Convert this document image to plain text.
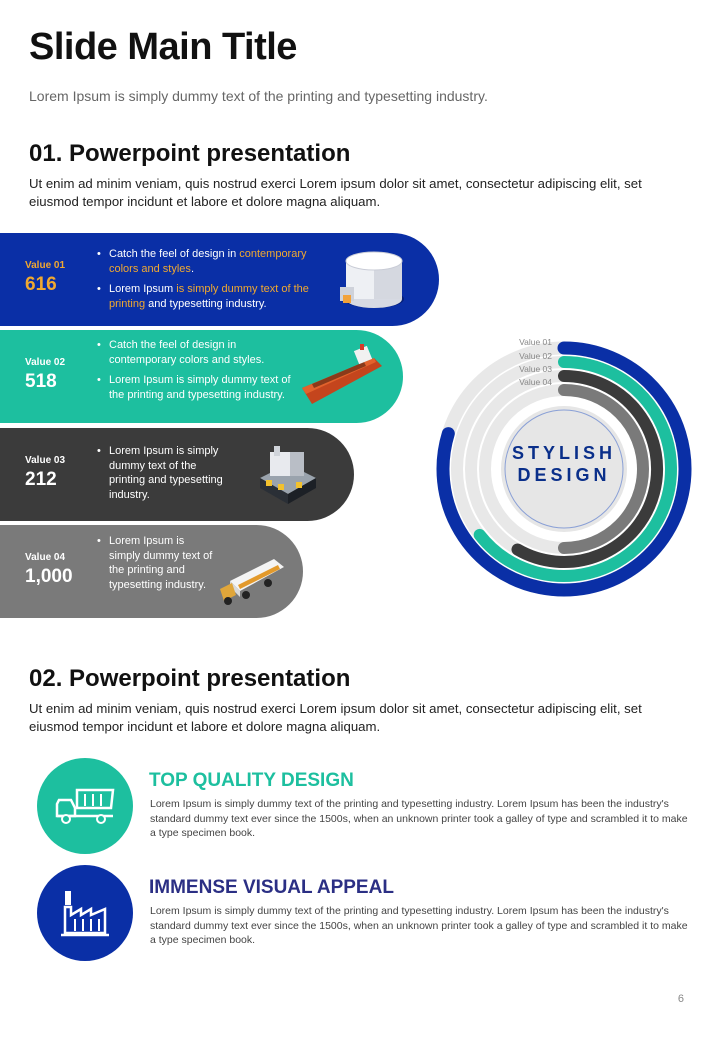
Slide Main Title
Lorem Ipsum is simply dummy text of the printing and typesetting industry.
01. Powerpoint presentation
Ut enim ad minim veniam, quis nostrud exerci Lorem ipsum dolor sit amet, consectetur adipiscing elit, set eiusmod tempor incidunt et labore et dolore magna aliquam.
Value 01
616
• Catch the feel of design in contemporary colors and styles.
• Lorem Ipsum is simply dummy text of the printing and typesetting industry.
Value 02
518
• Catch the feel of design in contemporary colors and styles.
• Lorem Ipsum is simply dummy text of the printing and typesetting industry.
Value 03
212
• Lorem Ipsum is simply dummy text of the printing and typesetting industry.
Value 04
1,000
• Lorem Ipsum is simply dummy text of the printing and typesetting industry.
STYLISH
DESIGN
Value 01
Value 02
Value 03
Value 04
02. Powerpoint presentation
Ut enim ad minim veniam, quis nostrud exerci Lorem ipsum dolor sit amet, consectetur adipiscing elit, set eiusmod tempor incidunt et labore et dolore magna aliquam.
TOP QUALITY DESIGN
Lorem Ipsum is simply dummy text of the printing and typesetting industry. Lorem Ipsum has been the industry's standard dummy text ever since the 1500s, when an unknown printer took a galley of type and scrambled it to make a type specimen book.
IMMENSE VISUAL APPEAL
Lorem Ipsum is simply dummy text of the printing and typesetting industry. Lorem Ipsum has been the industry's standard dummy text ever since the 1500s, when an unknown printer took a galley of type and scrambled it to make a type specimen book.
6
